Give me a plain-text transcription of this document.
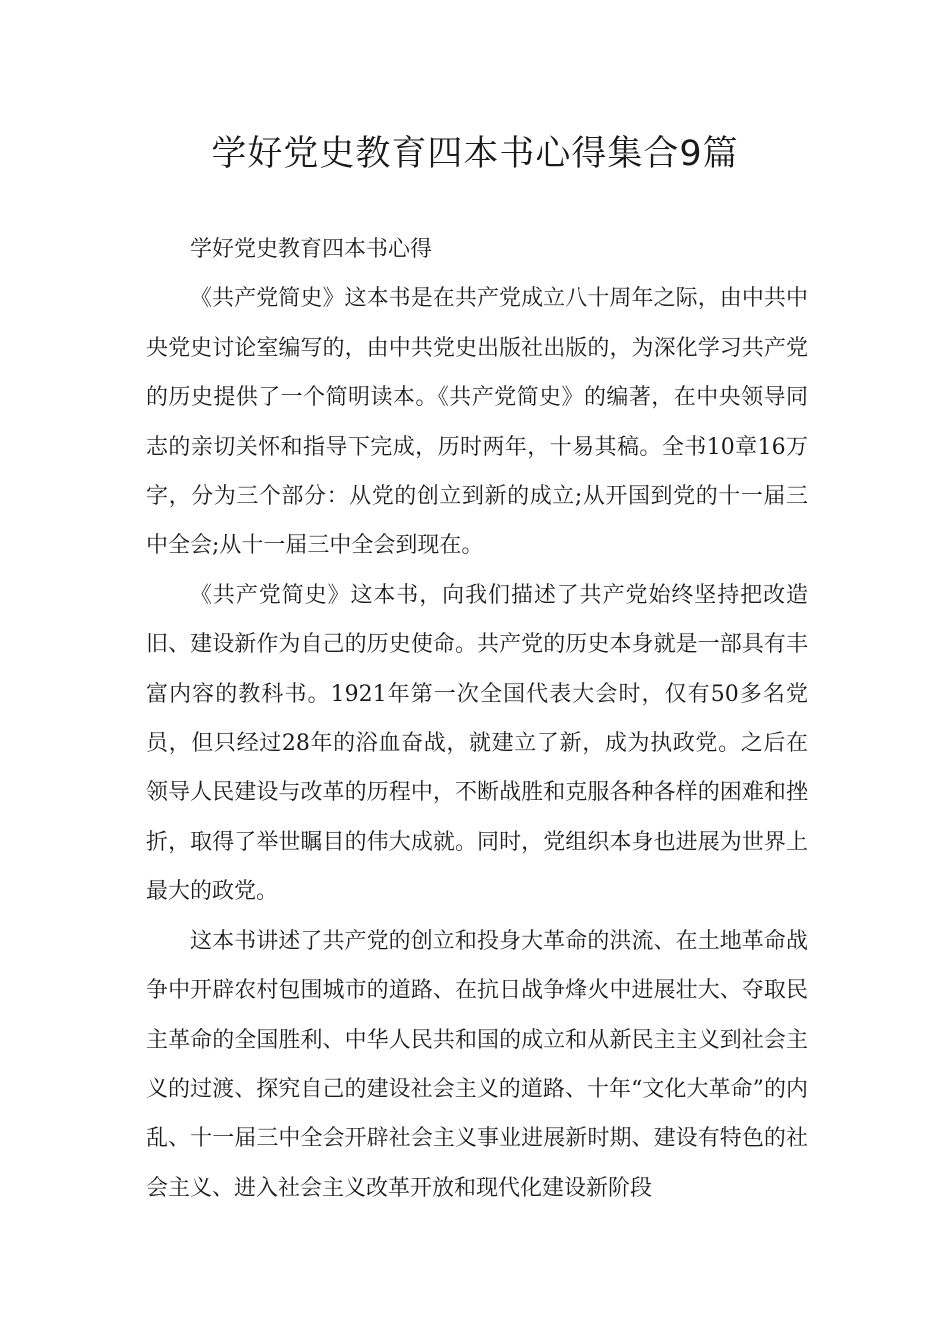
学好党史教育四本书心得集合9篇

学好党史教育四本书心得

《共产党简史》这本书是在共产党成立八十周年之际，由中共中央党史讨论室编写的，由中共党史出版社出版的，为深化学习共产党的历史提供了一个简明读本。《共产党简史》的编著，在中央领导同志的亲切关怀和指导下完成，历时两年，十易其稿。全书10章16万字，分为三个部分：从党的创立到新的成立;从开国到党的十一届三中全会;从十一届三中全会到现在。

《共产党简史》这本书，向我们描述了共产党始终坚持把改造旧、建设新作为自己的历史使命。共产党的历史本身就是一部具有丰富内容的教科书。1921年第一次全国代表大会时，仅有50多名党员，但只经过28年的浴血奋战，就建立了新，成为执政党。之后在领导人民建设与改革的历程中，不断战胜和克服各种各样的困难和挫折，取得了举世瞩目的伟大成就。同时，党组织本身也进展为世界上最大的政党。

这本书讲述了共产党的创立和投身大革命的洪流、在土地革命战争中开辟农村包围城市的道路、在抗日战争烽火中进展壮大、夺取民主革命的全国胜利、中华人民共和国的成立和从新民主主义到社会主义的过渡、探究自己的建设社会主义的道路、十年“文化大革命”的内乱、十一届三中全会开辟社会主义事业进展新时期、建设有特色的社会主义、进入社会主义改革开放和现代化建设新阶段
